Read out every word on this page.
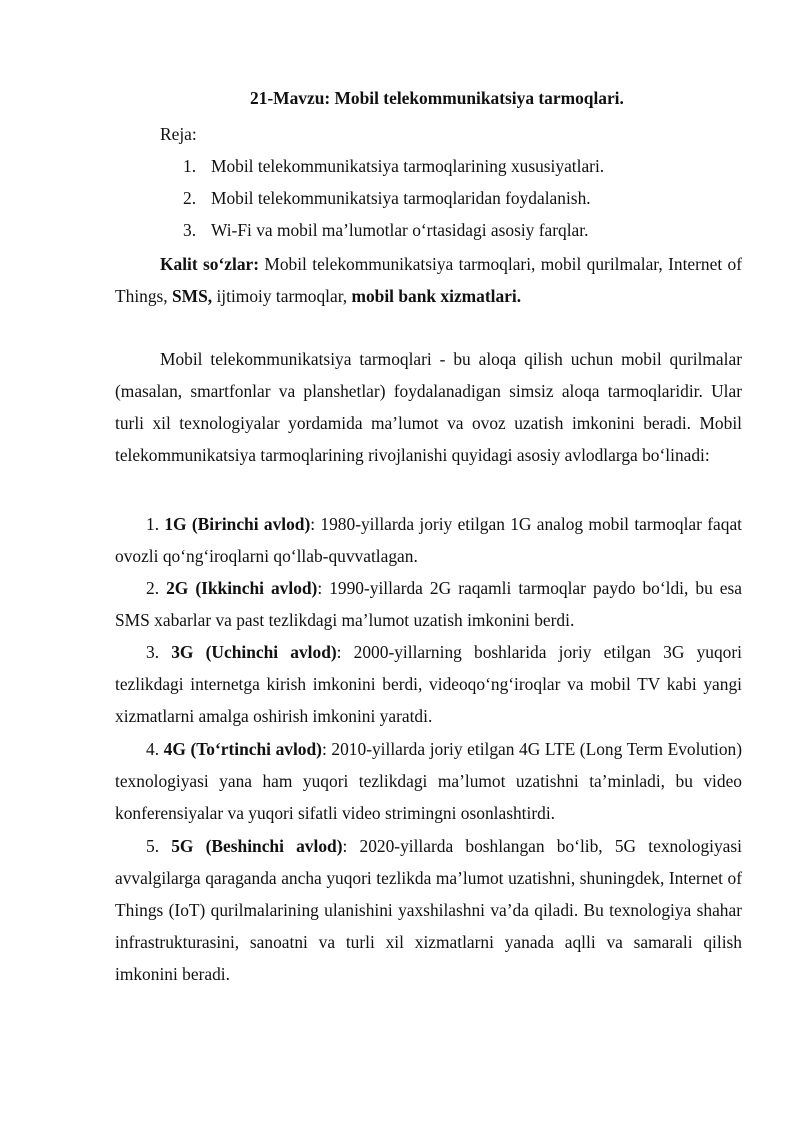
21-Mavzu: Mobil telekommunikatsiya tarmoqlari.
Reja:
1. Mobil telekommunikatsiya tarmoqlarining xususiyatlari.
2. Mobil telekommunikatsiya tarmoqlaridan foydalanish.
3. Wi-Fi va mobil ma’lumotlar o‘rtasidagi asosiy farqlar.
Kalit so‘zlar: Mobil telekommunikatsiya tarmoqlari, mobil qurilmalar, Internet of Things, SMS, ijtimoiy tarmoqlar, mobil bank xizmatlari.
Mobil telekommunikatsiya tarmoqlari - bu aloqa qilish uchun mobil qurilmalar (masalan, smartfonlar va planshetlar) foydalanadigan simsiz aloqa tarmoqlaridir. Ular turli xil texnologiyalar yordamida ma’lumot va ovoz uzatish imkonini beradi. Mobil telekommunikatsiya tarmoqlarining rivojlanishi quyidagi asosiy avlodlarga bo‘linadi:
1. 1G (Birinchi avlod): 1980-yillarda joriy etilgan 1G analog mobil tarmoqlar faqat ovozli qo‘ng‘iroqlarni qo‘llab-quvvatlagan.
2. 2G (Ikkinchi avlod): 1990-yillarda 2G raqamli tarmoqlar paydo bo‘ldi, bu esa SMS xabarlar va past tezlikdagi ma’lumot uzatish imkonini berdi.
3. 3G (Uchinchi avlod): 2000-yillarning boshlarida joriy etilgan 3G yuqori tezlikdagi internetga kirish imkonini berdi, videoqo‘ng‘iroqlar va mobil TV kabi yangi xizmatlarni amalga oshirish imkonini yaratdi.
4. 4G (To‘rtinchi avlod): 2010-yillarda joriy etilgan 4G LTE (Long Term Evolution) texnologiyasi yana ham yuqori tezlikdagi ma’lumot uzatishni ta’minladi, bu video konferensiyalar va yuqori sifatli video strimingni osonlashtirdi.
5. 5G (Beshinchi avlod): 2020-yillarda boshlangan bo‘lib, 5G texnologiyasi avvalgilarga qaraganda ancha yuqori tezlikda ma’lumot uzatishni, shuningdek, Internet of Things (IoT) qurilmalarining ulanishini yaxshilashni va’da qiladi. Bu texnologiya shahar infrastrukturasini, sanoatni va turli xil xizmatlarni yanada aqlli va samarali qilish imkonini beradi.
